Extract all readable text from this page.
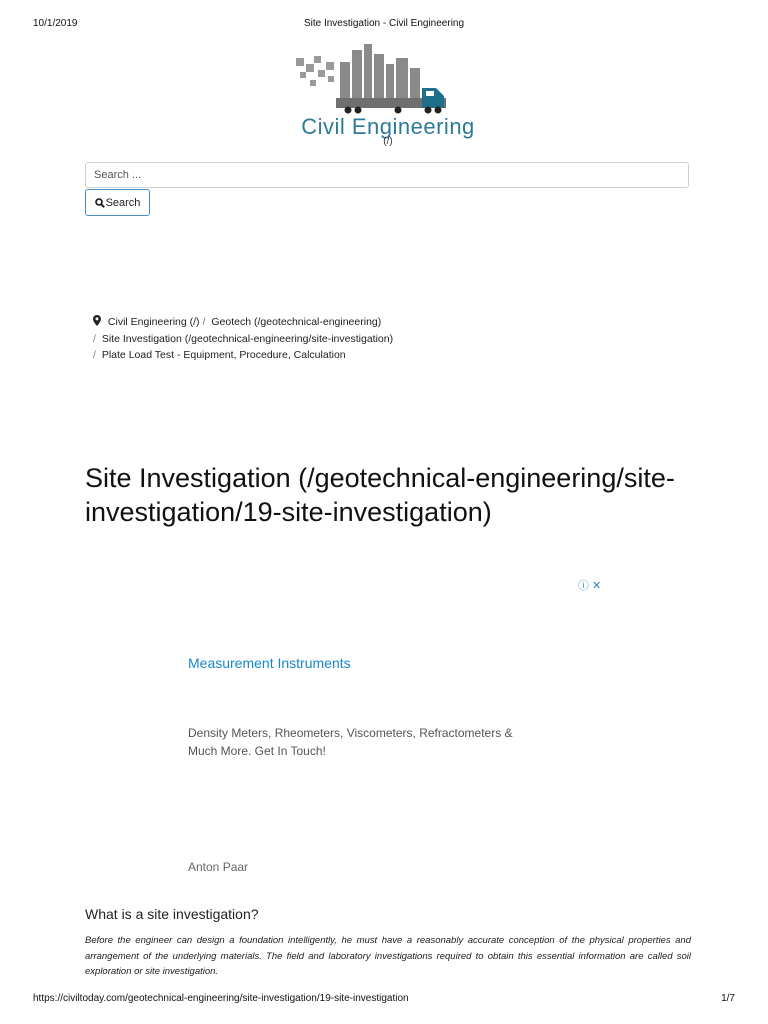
10/1/2019	Site Investigation - Civil Engineering
Civil Engineering
(/)
Search ...
Search
Civil Engineering (/) / Geotech (/geotechnical-engineering)
/ Site Investigation (/geotechnical-engineering/site-investigation)
/ Plate Load Test - Equipment, Procedure, Calculation
Site Investigation (/geotechnical-engineering/site-investigation/19-site-investigation)
ⓘ ✕
Measurement Instruments
Density Meters, Rheometers, Viscometers, Refractometers &
Much More. Get In Touch!
Anton Paar
What is a site investigation?

Before the engineer can design a foundation intelligently, he must have a reasonably accurate conception of the physical properties and arrangement of the underlying materials. The field and laboratory investigations required to obtain this essential information are called soil exploration or site investigation.

https://civiltoday.com/geotechnical-engineering/site-investigation/19-site-investigation	1/7
